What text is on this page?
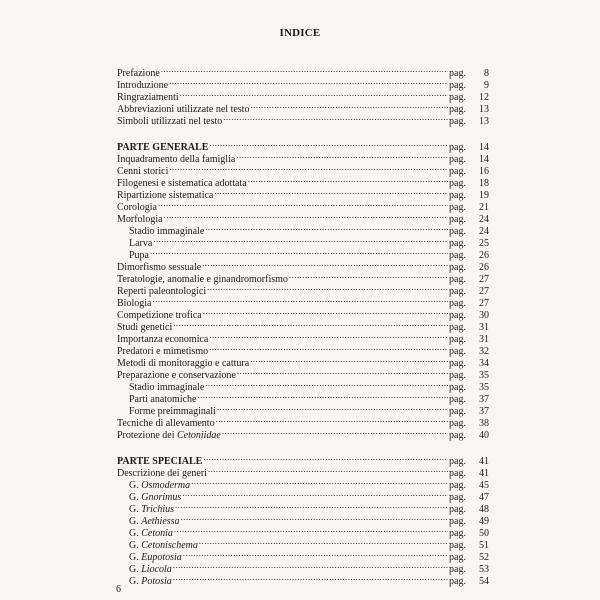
INDICE
Prefazione .....	pag.	8
Introduzione .....	pag.	9
Ringraziamenti .....	pag.	12
Abbreviazioni utilizzate nel testo .....	pag.	13
Simboli utilizzati nel testo .....	pag.	13
PARTE GENERALE .....	pag.	14
Inquadramento della famiglia .....	pag.	14
Cenni storici .....	pag.	16
Filogenesi e sistematica adottata .....	pag.	18
Ripartizione sistematica .....	pag.	19
Corologia .....	pag.	21
Morfologia .....	pag.	24
Stadio immaginale .....	pag.	24
Larva .....	pag.	25
Pupa .....	pag.	26
Dimorfismo sessuale .....	pag.	26
Teratologie, anomalie e ginandromorfismo .....	pag.	27
Reperti paleontologici .....	pag.	27
Biologia .....	pag.	27
Competizione trofica .....	pag.	30
Studi genetici .....	pag.	31
Importanza economica .....	pag.	31
Predatori e mimetismo .....	pag.	32
Metodi di monitoraggio e cattura .....	pag.	34
Preparazione e conservazione .....	pag.	35
Stadio immaginale .....	pag.	35
Parti anatomiche .....	pag.	37
Forme preimmaginali .....	pag.	37
Tecniche di allevamento .....	pag.	38
Protezione dei Cetoniidae .....	pag.	40
PARTE SPECIALE .....	pag.	41
Descrizione dei generi .....	pag.	41
G. Osmoderma .....	pag.	45
G. Gnorimus .....	pag.	47
G. Trichius .....	pag.	48
G. Aethiessa .....	pag.	49
G. Cetonia .....	pag.	50
G. Cetonischema .....	pag.	51
G. Eupotosia .....	pag.	52
G. Liocola .....	pag.	53
G. Potosia .....	pag.	54
6
